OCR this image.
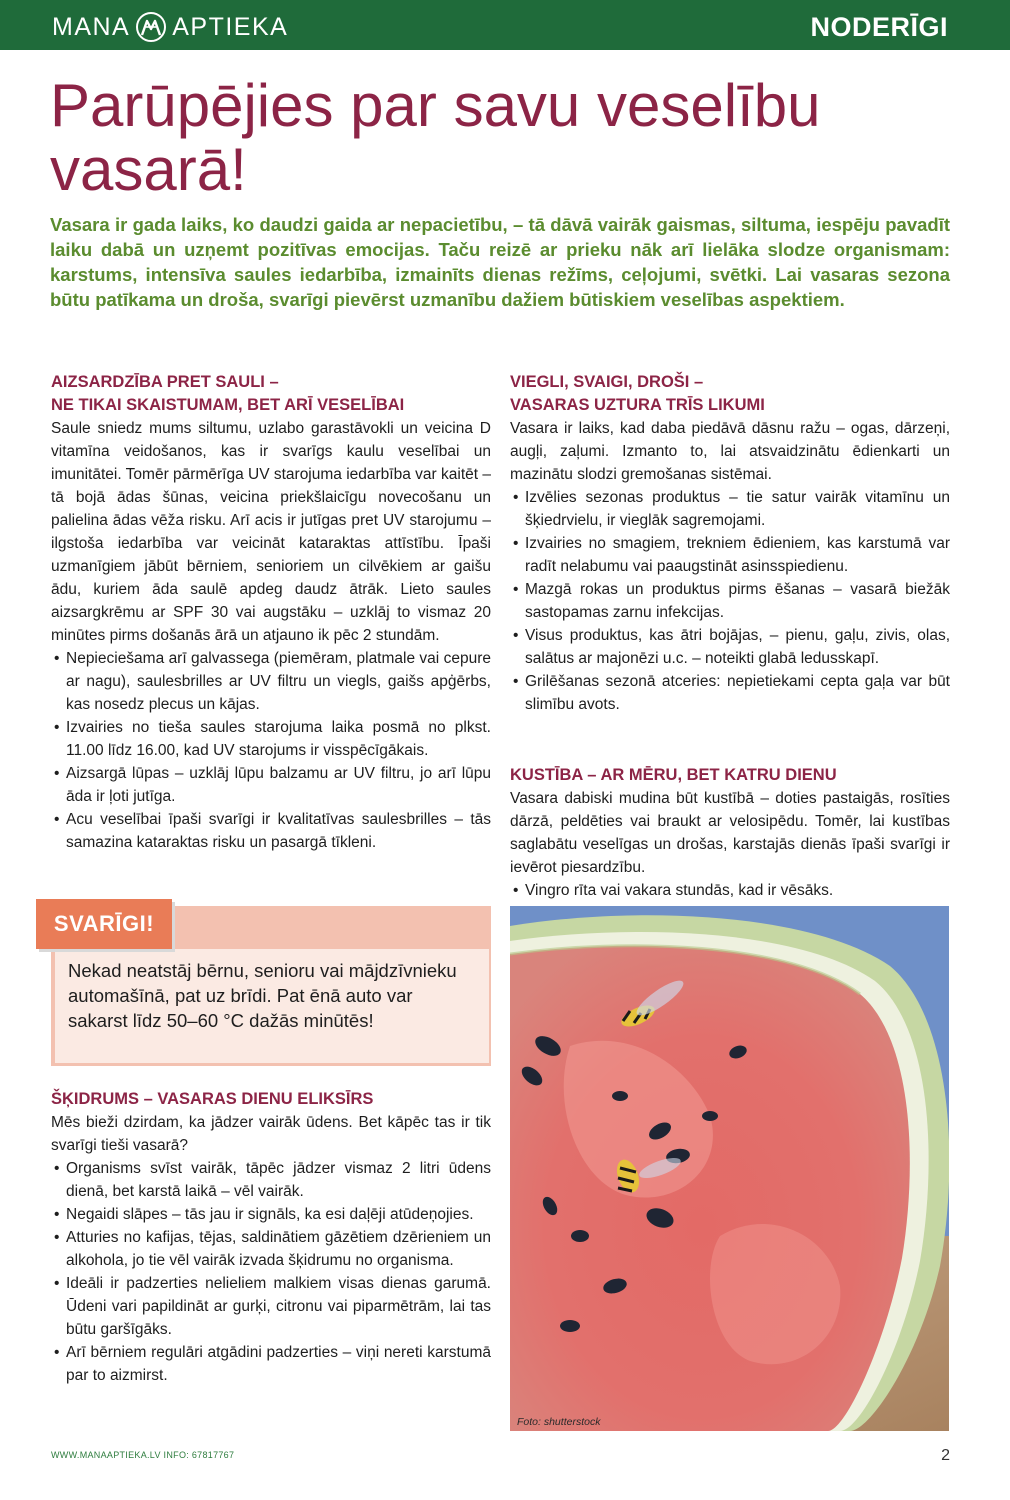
MANA APTIEKA	NODERĪGI
Parūpējies par savu veselību vasarā!

Vasara ir gada laiks, ko daudzi gaida ar nepacietību, – tā dāvā vairāk gaismas, siltuma, iespēju pavadīt laiku dabā un uzņemt pozitīvas emocijas. Taču reizē ar prieku nāk arī lielāka slodze organismam: karstums, intensīva saules iedarbība, izmainīts dienas režīms, ceļojumi, svētki. Lai vasaras sezona būtu patīkama un droša, svarīgi pievērst uzmanību dažiem būtiskiem veselības aspektiem.

AIZSARDZĪBA PRET SAULI –
NE TIKAI SKAISTUMAM, BET ARĪ VESELĪBAI

Saule sniedz mums siltumu, uzlabo garastāvokli un veicina D vitamīna veidošanos, kas ir svarīgs kaulu veselībai un imunitātei. Tomēr pārmērīga UV starojuma iedarbība var kaitēt – tā bojā ādas šūnas, veicina priekšlaicīgu novecošanu un palielina ādas vēža risku. Arī acis ir jutīgas pret UV starojumu – ilgstoša iedarbība var veicināt kataraktas attīstību. Īpaši uzmanīgiem jābūt bērniem, senioriem un cilvēkiem ar gaišu ādu, kuriem āda saulē apdeg daudz ātrāk. Lieto saules aizsargkrēmu ar SPF 30 vai augstāku – uzklāj to vismaz 20 minūtes pirms došanās ārā un atjauno ik pēc 2 stundām.

• Nepieciešama arī galvassega (piemēram, platmale vai cepure ar nagu), saulesbrilles ar UV filtru un viegls, gaišs apģērbs, kas nosedz plecus un kājas.
• Izvairies no tieša saules starojuma laika posmā no plkst. 11.00 līdz 16.00, kad UV starojums ir visspēcīgākais.
• Aizsargā lūpas – uzklāj lūpu balzamu ar UV filtru, jo arī lūpu āda ir ļoti jutīga.
• Acu veselībai īpaši svarīgi ir kvalitatīvas saulesbrilles – tās samazina kataraktas risku un pasargā tīkleni.
ŠĶIDRUMS – VASARAS DIENU ELIKSĪRS

Mēs bieži dzirdam, ka jādzer vairāk ūdens. Bet kāpēc tas ir tik svarīgi tieši vasarā?

• Organisms svīst vairāk, tāpēc jādzer vismaz 2 litri ūdens dienā, bet karstā laikā – vēl vairāk.
• Negaidi slāpes – tās jau ir signāls, ka esi daļēji atūdeņojies.
• Atturies no kafijas, tējas, saldinātiem gāzētiem dzērieniem un alkohola, jo tie vēl vairāk izvada šķidrumu no organisma.
• Ideāli ir padzerties nelieliem malkiem visas dienas garumā. Ūdeni vari papildināt ar gurķi, citronu vai piparmētrām, lai tas būtu garšīgāks.
• Arī bērniem regulāri atgādini padzerties – viņi nereti karstumā par to aizmirst.
Nekad neatstāj bērnu, senioru vai mājdzīvnieku automašīnā, pat uz brīdi. Pat ēnā auto var sakarst līdz 50–60 °C dažās minūtēs!
SVARĪGI!
VIEGLI, SVAIGI, DROŠI –
VASARAS UZTURA TRĪS LIKUMI

Vasara ir laiks, kad daba piedāvā dāsnu ražu – ogas, dārzeņi, augļi, zaļumi. Izmanto to, lai atsvaidzinātu ēdienkarti un mazinātu slodzi gremošanas sistēmai.

• Izvēlies sezonas produktus – tie satur vairāk vitamīnu un šķiedrvielu, ir vieglāk sagremojami.
• Izvairies no smagiem, trekniem ēdieniem, kas karstumā var radīt nelabumu vai paaugstināt asinsspiedienu.
• Mazgā rokas un produktus pirms ēšanas – vasarā biežāk sastopamas zarnu infekcijas.
• Visus produktus, kas ātri bojājas, – pienu, gaļu, zivis, olas, salātus ar majonēzi u.c. – noteikti glabā ledusskapī.
• Grilēšanas sezonā atceries: nepietiekami cepta gaļa var būt slimību avots.
KUSTĪBA – AR MĒRU, BET KATRU DIENU

Vasara dabiski mudina būt kustībā – doties pastaigās, rosīties dārzā, peldēties vai braukt ar velosipēdu. Tomēr, lai kustības saglabātu veselīgas un drošas, karstajās dienās īpaši svarīgi ir ievērot piesardzību.

• Vingro rīta vai vakara stundās, kad ir vēsāks.
Foto: shutterstock
WWW.MANAAPTIEKA.LV INFO: 67817767	2
